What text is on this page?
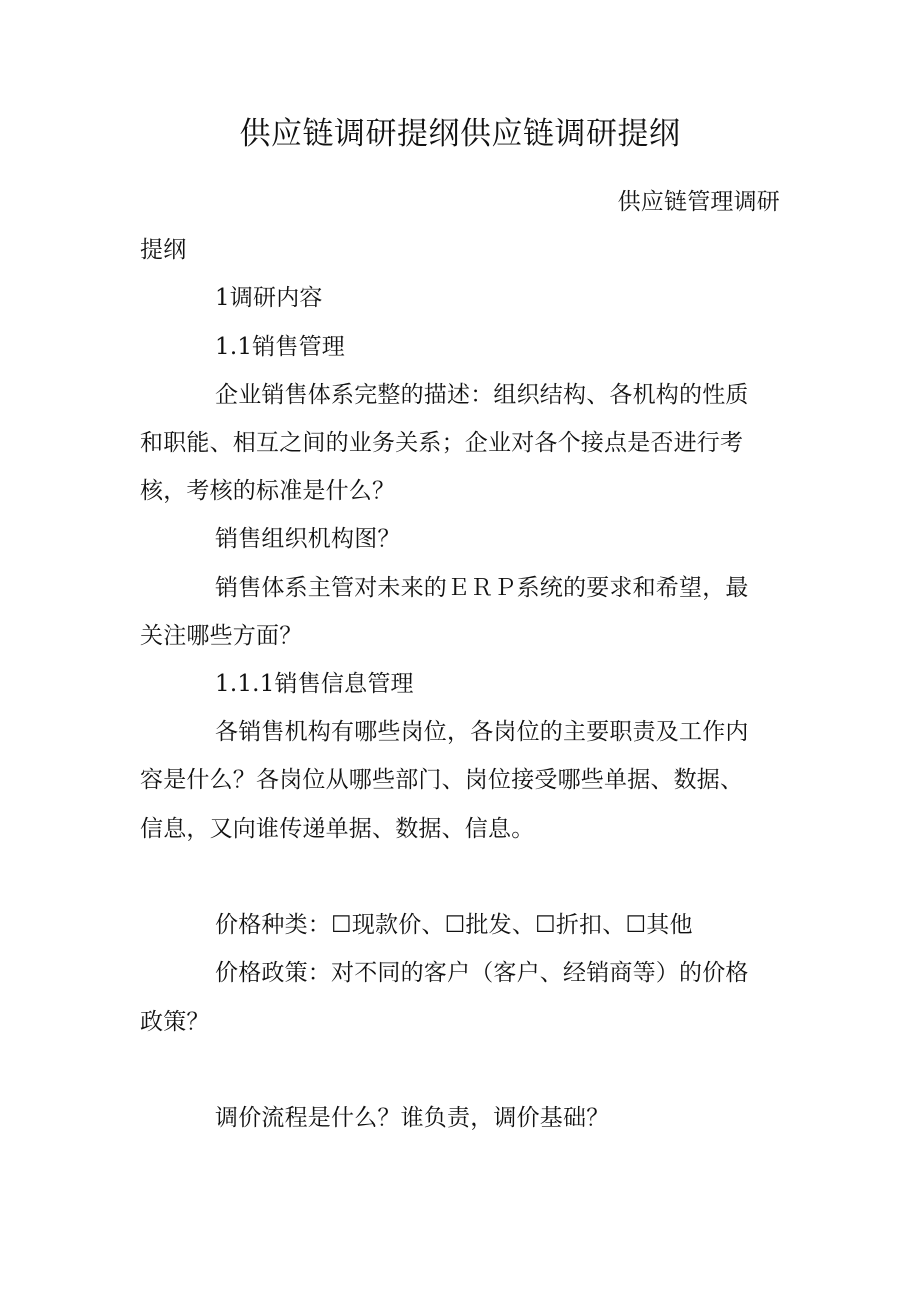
供应链调研提纲供应链调研提纲
供应链管理调研
提纲
1调研内容
1.1销售管理
企业销售体系完整的描述：组织结构、各机构的性质
和职能、相互之间的业务关系；企业对各个接点是否进行考
核，考核的标准是什么？
销售组织机构图？
销售体系主管对未来的ＥＲＰ系统的要求和希望，最
关注哪些方面？
1.1.1销售信息管理
各销售机构有哪些岗位，各岗位的主要职责及工作内
容是什么？各岗位从哪些部门、岗位接受哪些单据、数据、
信息，又向谁传递单据、数据、信息。
价格种类：☐现款价、☐批发、☐折扣、☐其他
价格政策：对不同的客户（客户、经销商等）的价格
政策？
调价流程是什么？谁负责，调价基础？
